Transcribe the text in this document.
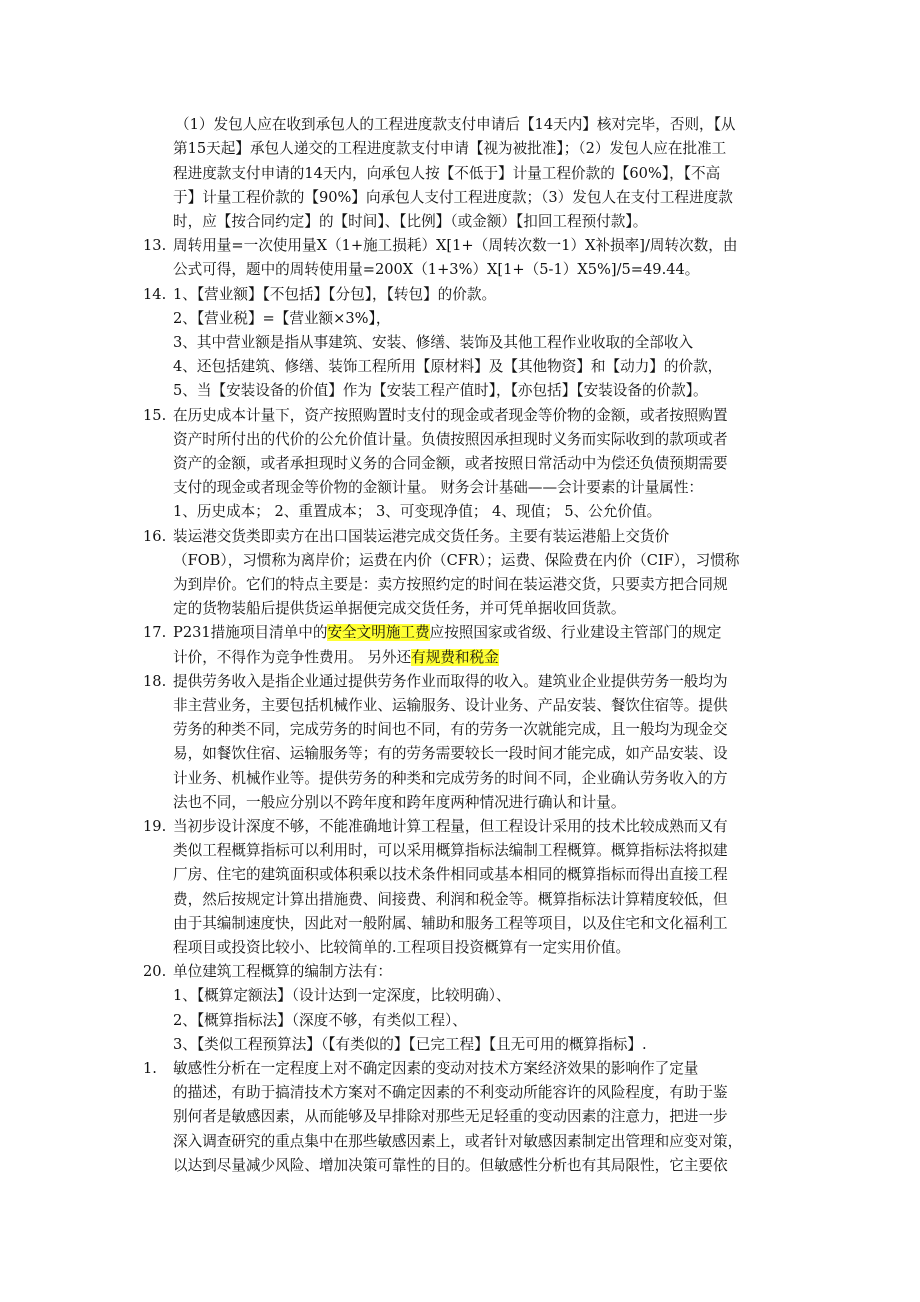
（1）发包人应在收到承包人的工程进度款支付申请后【14天内】核对完毕，否则，【从
第15天起】承包人递交的工程进度款支付申请【视为被批准】；（2）发包人应在批准工
程进度款支付申请的14天内，向承包人按【不低于】计量工程价款的【60%】，【不高
于】计量工程价款的【90%】向承包人支付工程进度款；（3）发包人在支付工程进度款
时，应【按合同约定】的【时间】、【比例】（或金额）【扣回工程预付款】。
13. 周转用量=一次使用量X（1+施工损耗）X[1+（周转次数一1）X补损率]/周转次数，由
公式可得，题中的周转使用量=200X（1+3%）X[1+（5-1）X5%]/5=49.44。
14. 1、【营业额】【不包括】【分包】，【转包】的价款。
2、【营业税】=【营业额×3%】，
3、其中营业额是指从事建筑、安装、修缮、装饰及其他工程作业收取的全部收入
4、还包括建筑、修缮、装饰工程所用【原材料】及【其他物资】和【动力】的价款，
5、当【安装设备的价值】作为【安装工程产值时】，【亦包括】【安装设备的价款】。
15. 在历史成本计量下，资产按照购置时支付的现金或者现金等价物的金额，或者按照购置
资产时所付出的代价的公允价值计量。负债按照因承担现时义务而实际收到的款项或者
资产的金额，或者承担现时义务的合同金额，或者按照日常活动中为偿还负债预期需要
支付的现金或者现金等价物的金额计量。 财务会计基础——会计要素的计量属性：
1、历史成本； 2、重置成本； 3、可变现净值； 4、现值； 5、公允价值。
16. 装运港交货类即卖方在出口国装运港完成交货任务。主要有装运港船上交货价
（FOB），习惯称为离岸价；运费在内价（CFR）；运费、保险费在内价（CIF），习惯称
为到岸价。它们的特点主要是：卖方按照约定的时间在装运港交货，只要卖方把合同规
定的货物装船后提供货运单据便完成交货任务，并可凭单据收回货款。
17. P231措施项目清单中的安全文明施工费应按照国家或省级、行业建设主管部门的规定
计价，不得作为竞争性费用。 另外还有规费和税金
18. 提供劳务收入是指企业通过提供劳务作业而取得的收入。建筑业企业提供劳务一般均为
非主营业务，主要包括机械作业、运输服务、设计业务、产品安装、餐饮住宿等。提供
劳务的种类不同，完成劳务的时间也不同，有的劳务一次就能完成，且一般均为现金交
易，如餐饮住宿、运输服务等；有的劳务需要较长一段时间才能完成，如产品安装、设
计业务、机械作业等。提供劳务的种类和完成劳务的时间不同，企业确认劳务收入的方
法也不同，一般应分别以不跨年度和跨年度两种情况进行确认和计量。
19. 当初步设计深度不够，不能准确地计算工程量，但工程设计采用的技术比较成熟而又有
类似工程概算指标可以利用时，可以采用概算指标法编制工程概算。概算指标法将拟建
厂房、住宅的建筑面积或体积乘以技术条件相同或基本相同的概算指标而得出直接工程
费，然后按规定计算出措施费、间接费、利润和税金等。概算指标法计算精度较低，但
由于其编制速度快，因此对一般附属、辅助和服务工程等项目，以及住宅和文化福利工
程项目或投资比较小、比较简单的.工程项目投资概算有一定实用价值。
20. 单位建筑工程概算的编制方法有：
1、【概算定额法】（设计达到一定深度，比较明确）、
2、【概算指标法】（深度不够，有类似工程）、
3、【类似工程预算法】（【有类似的】【已完工程】【且无可用的概算指标】.
1.	敏感性分析在一定程度上对不确定因素的变动对技术方案经济效果的影响作了定量
的描述，有助于搞清技术方案对不确定因素的不利变动所能容许的风险程度，有助于鉴
别何者是敏感因素，从而能够及早排除对那些无足轻重的变动因素的注意力，把进一步
深入调查研究的重点集中在那些敏感因素上，或者针对敏感因素制定出管理和应变对策，
以达到尽量减少风险、增加决策可靠性的目的。但敏感性分析也有其局限性，它主要依
